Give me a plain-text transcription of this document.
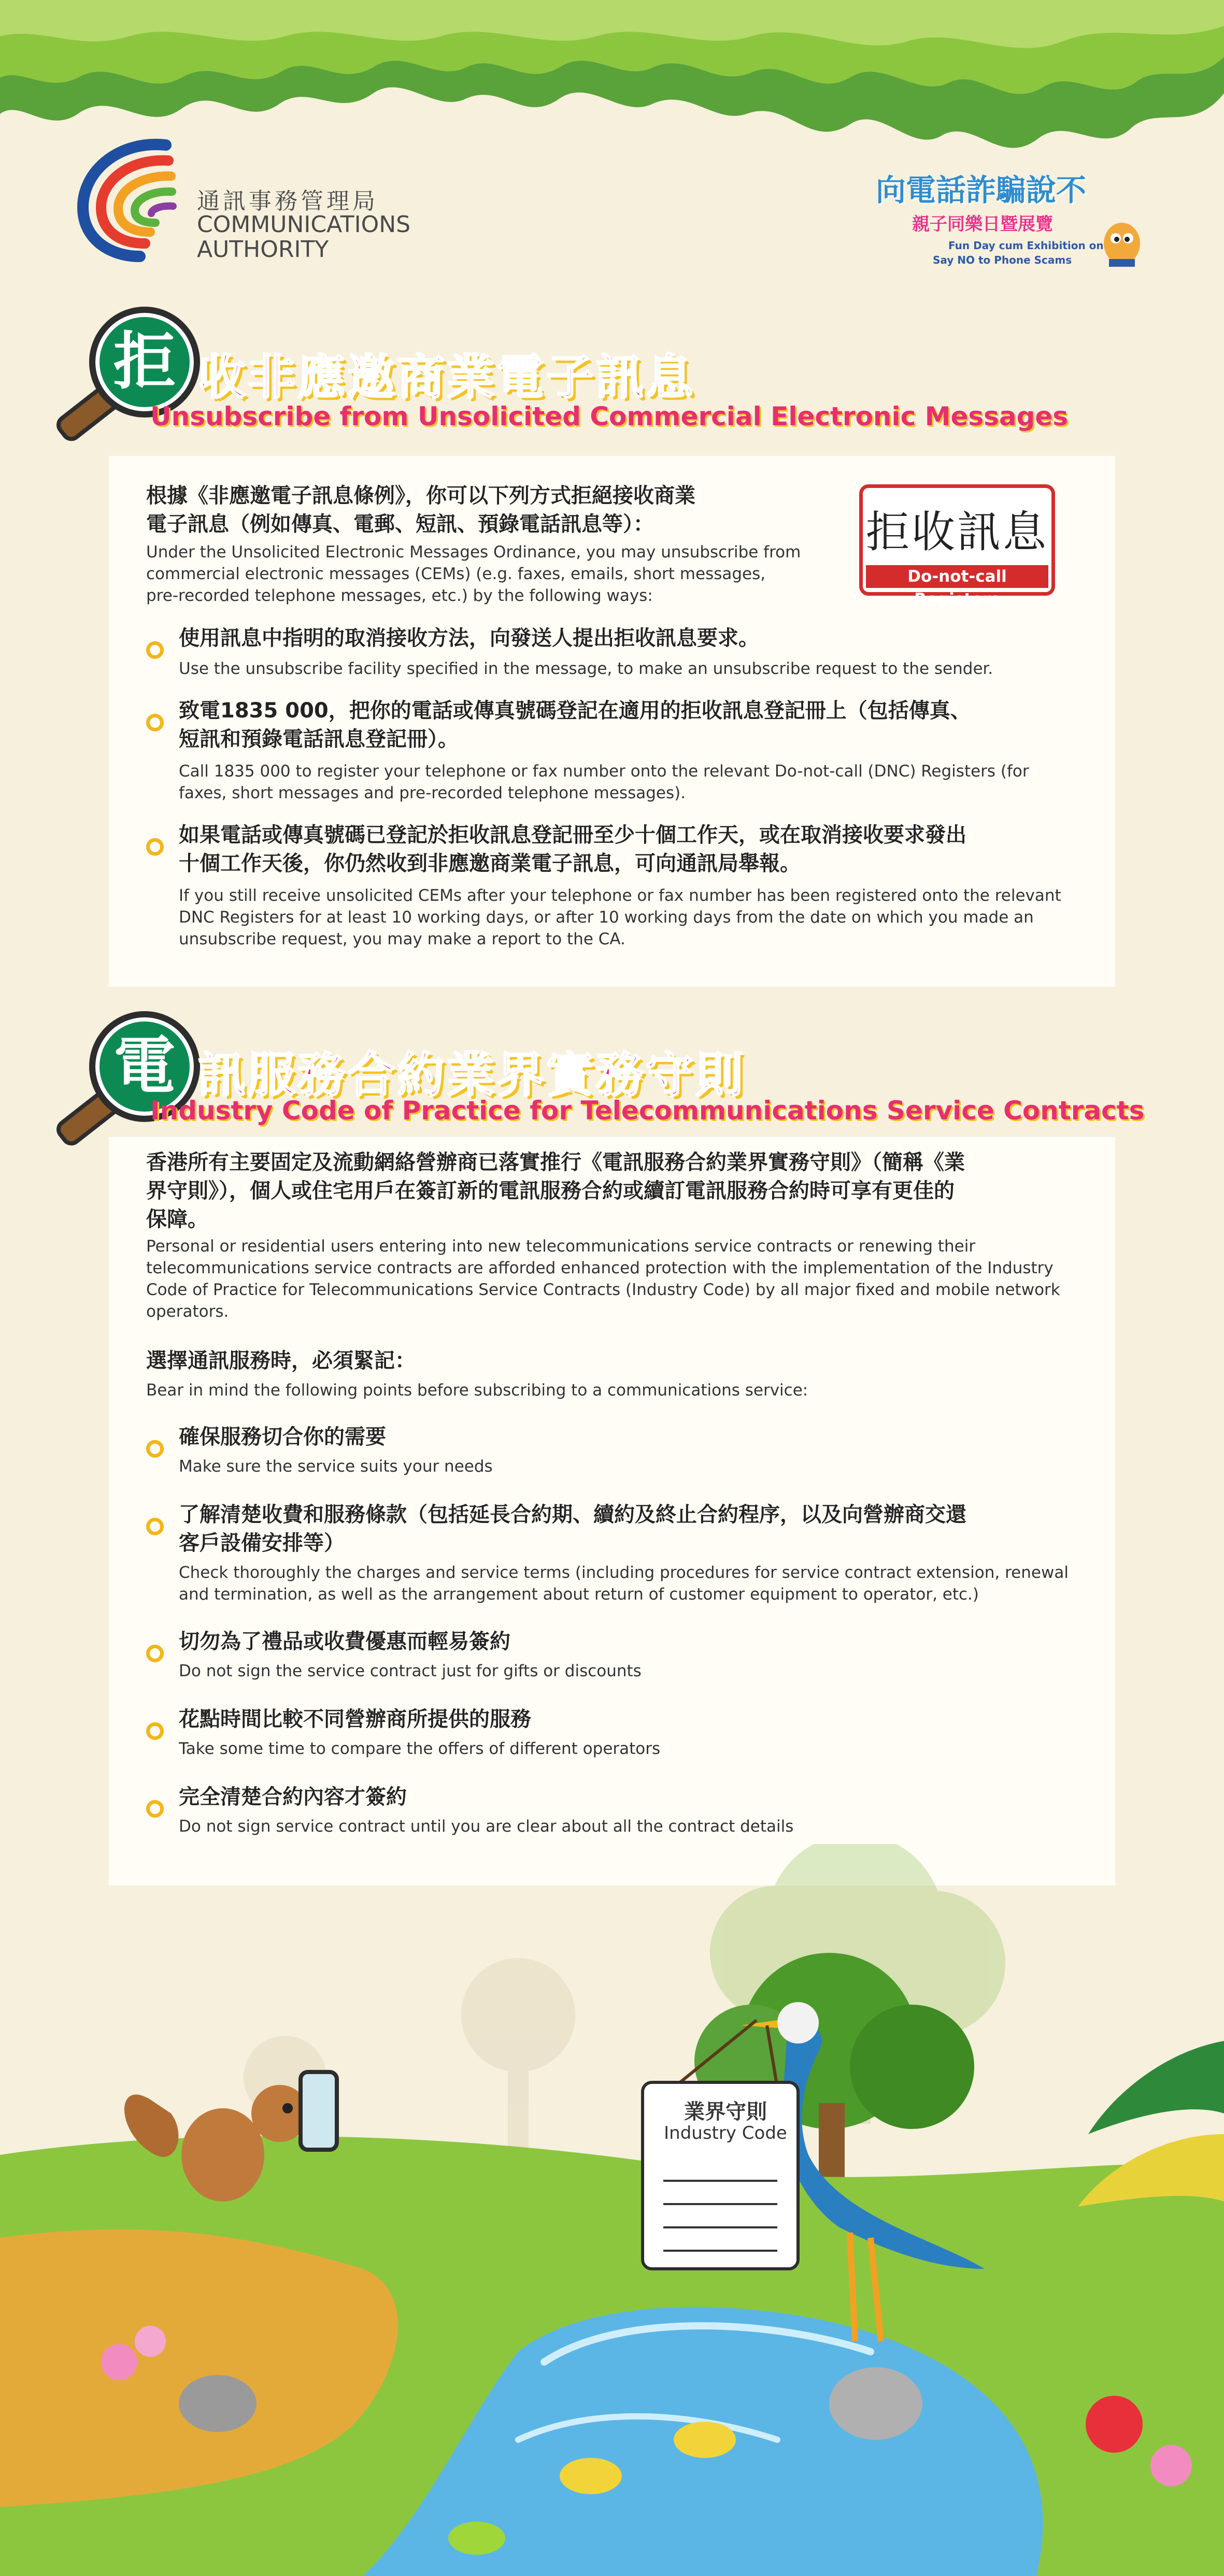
通訊事務管理局
COMMUNICATIONS
AUTHORITY
向電話詐騙說不
親子同樂日暨展覽
Fun Day cum Exhibition on
Say NO to Phone Scams
拒 收非應邀商業電子訊息
Unsubscribe from Unsolicited Commercial Electronic Messages
根據《非應邀電子訊息條例》，你可以下列方式拒絕接收商業
電子訊息（例如傳真、電郵、短訊、預錄電話訊息等）：
Under the Unsolicited Electronic Messages Ordinance, you may unsubscribe from
commercial electronic messages (CEMs) (e.g. faxes, emails, short messages,
pre-recorded telephone messages, etc.) by the following ways:
使用訊息中指明的取消接收方法，向發送人提出拒收訊息要求。
Use the unsubscribe facility specified in the message, to make an unsubscribe request to the sender.
致電1835 000，把你的電話或傳真號碼登記在適用的拒收訊息登記冊上（包括傳真、
短訊和預錄電話訊息登記冊）。
Call 1835 000 to register your telephone or fax number onto the relevant Do-not-call (DNC) Registers (for
faxes, short messages and pre-recorded telephone messages).
如果電話或傳真號碼已登記於拒收訊息登記冊至少十個工作天，或在取消接收要求發出
十個工作天後，你仍然收到非應邀商業電子訊息，可向通訊局舉報。
If you still receive unsolicited CEMs after your telephone or fax number has been registered onto the relevant
DNC Registers for at least 10 working days, or after 10 working days from the date on which you made an
unsubscribe request, you may make a report to the CA.
拒收訊息
Do-not-call Registers
電 訊服務合約業界實務守則
Industry Code of Practice for Telecommunications Service Contracts
香港所有主要固定及流動網絡營辦商已落實推行《電訊服務合約業界實務守則》（簡稱《業
界守則》），個人或住宅用戶在簽訂新的電訊服務合約或續訂電訊服務合約時可享有更佳的
保障。
Personal or residential users entering into new telecommunications service contracts or renewing their
telecommunications service contracts are afforded enhanced protection with the implementation of the Industry
Code of Practice for Telecommunications Service Contracts (Industry Code) by all major fixed and mobile network
operators.
選擇通訊服務時，必須緊記：
Bear in mind the following points before subscribing to a communications service:
確保服務切合你的需要
Make sure the service suits your needs
了解清楚收費和服務條款（包括延長合約期、續約及終止合約程序，以及向營辦商交還
客戶設備安排等）
Check thoroughly the charges and service terms (including procedures for service contract extension, renewal
and termination, as well as the arrangement about return of customer equipment to operator, etc.)
切勿為了禮品或收費優惠而輕易簽約
Do not sign the service contract just for gifts or discounts
花點時間比較不同營辦商所提供的服務
Take some time to compare the offers of different operators
完全清楚合約內容才簽約
Do not sign service contract until you are clear about all the contract details
業界守則
Industry Code
